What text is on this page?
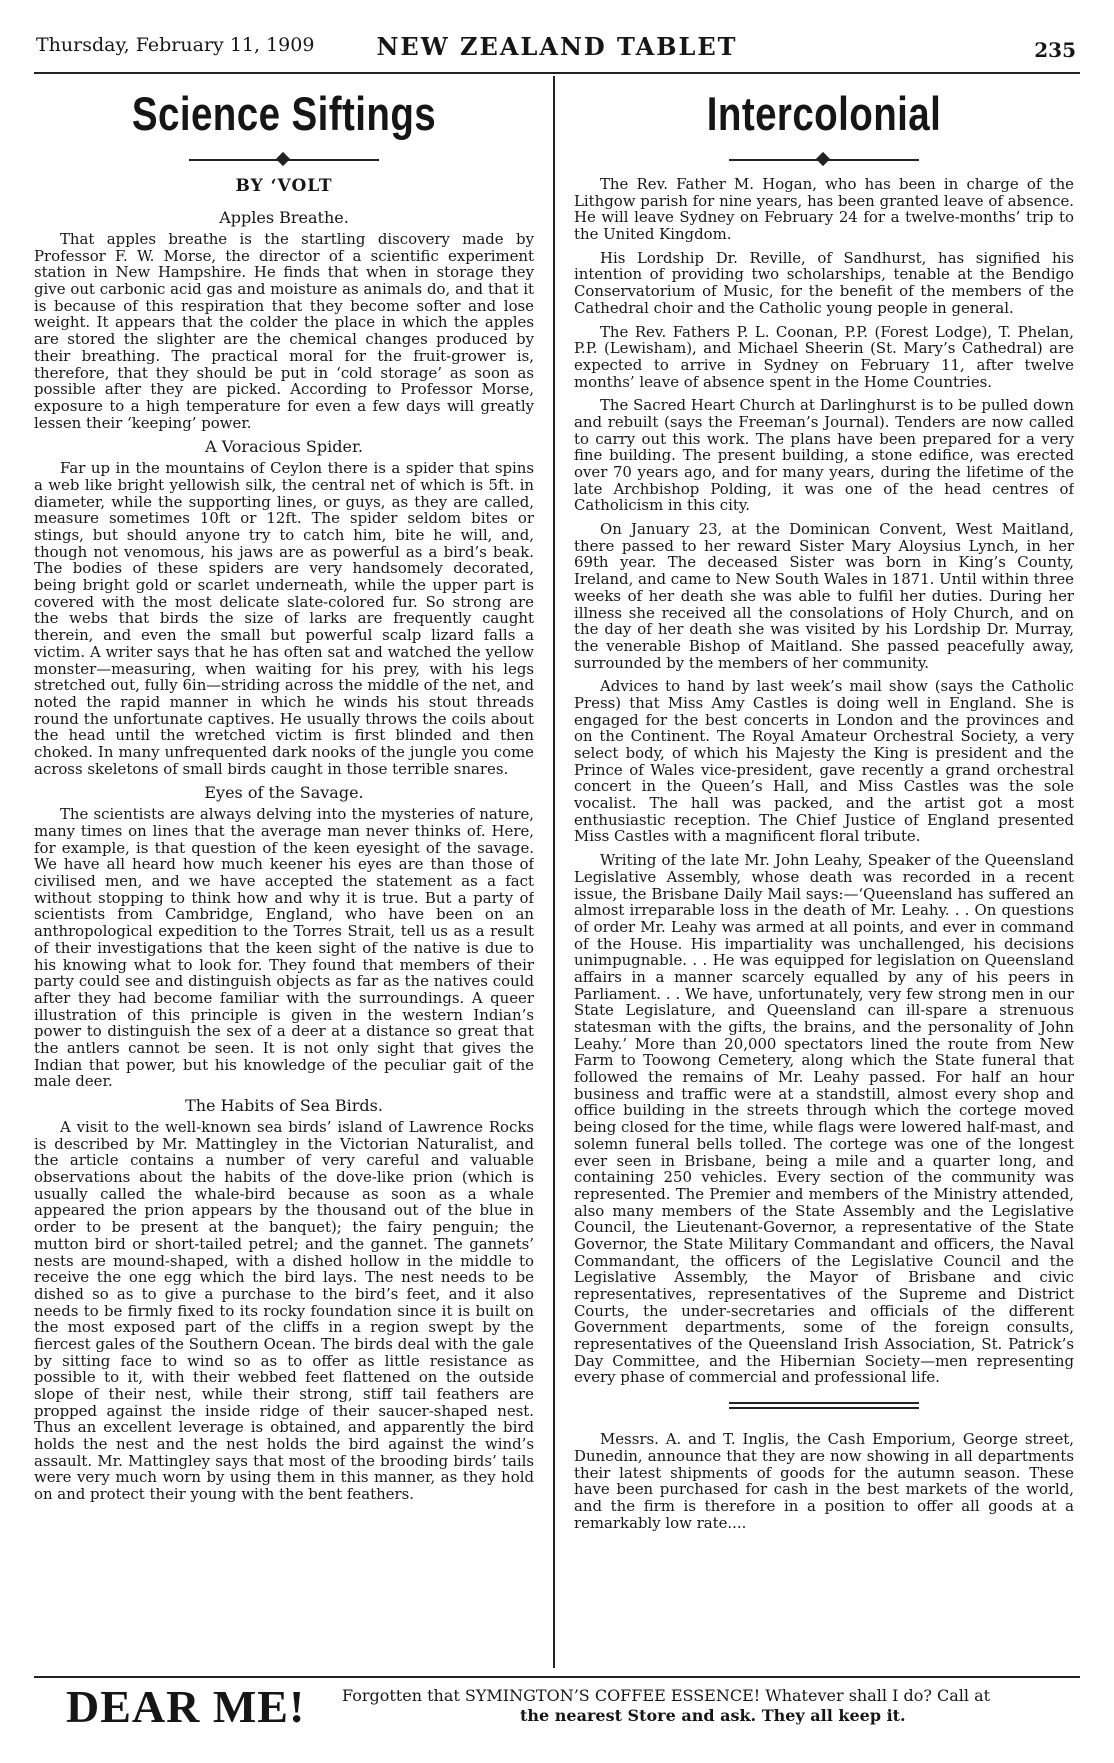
Thursday, February 11, 1909	NEW ZEALAND TABLET	235
Science Siftings
BY ‘VOLT
Apples Breathe.

That apples breathe is the startling discovery made by Professor F. W. Morse, the director of a scientific experiment station in New Hampshire. He finds that when in storage they give out carbonic acid gas and moisture as animals do, and that it is because of this respiration that they become softer and lose weight. It appears that the colder the place in which the apples are stored the slighter are the chemical changes produced by their breathing. The practical moral for the fruit-grower is, therefore, that they should be put in ‘cold storage’ as soon as possible after they are picked. According to Professor Morse, exposure to a high temperature for even a few days will greatly lessen their ‘keeping’ power.

A Voracious Spider.

Far up in the mountains of Ceylon there is a spider that spins a web like bright yellowish silk, the central net of which is 5ft. in diameter, while the supporting lines, or guys, as they are called, measure sometimes 10ft or 12ft. The spider seldom bites or stings, but should anyone try to catch him, bite he will, and, though not venomous, his jaws are as powerful as a bird’s beak. The bodies of these spiders are very handsomely decorated, being bright gold or scarlet underneath, while the upper part is covered with the most delicate slate-colored fur. So strong are the webs that birds the size of larks are frequently caught therein, and even the small but powerful scalp lizard falls a victim. A writer says that he has often sat and watched the yellow monster—measuring, when waiting for his prey, with his legs stretched out, fully 6in—striding across the middle of the net, and noted the rapid manner in which he winds his stout threads round the unfortunate captives. He usually throws the coils about the head until the wretched victim is first blinded and then choked. In many unfrequented dark nooks of the jungle you come across skeletons of small birds caught in those terrible snares.

Eyes of the Savage.

The scientists are always delving into the mysteries of nature, many times on lines that the average man never thinks of. Here, for example, is that question of the keen eyesight of the savage. We have all heard how much keener his eyes are than those of civilised men, and we have accepted the statement as a fact without stopping to think how and why it is true. But a party of scientists from Cambridge, England, who have been on an anthropological expedition to the Torres Strait, tell us as a result of their investigations that the keen sight of the native is due to his knowing what to look for. They found that members of their party could see and distinguish objects as far as the natives could after they had become familiar with the surroundings. A queer illustration of this principle is given in the western Indian’s power to distinguish the sex of a deer at a distance so great that the antlers cannot be seen. It is not only sight that gives the Indian that power, but his knowledge of the peculiar gait of the male deer.

The Habits of Sea Birds.

A visit to the well-known sea birds’ island of Lawrence Rocks is described by Mr. Mattingley in the Victorian Naturalist, and the article contains a number of very careful and valuable observations about the habits of the dove-like prion (which is usually called the whale-bird because as soon as a whale appeared the prion appears by the thousand out of the blue in order to be present at the banquet); the fairy penguin; the mutton bird or short-tailed petrel; and the gannet. The gannets’ nests are mound-shaped, with a dished hollow in the middle to receive the one egg which the bird lays. The nest needs to be dished so as to give a purchase to the bird’s feet, and it also needs to be firmly fixed to its rocky foundation since it is built on the most exposed part of the cliffs in a region swept by the fiercest gales of the Southern Ocean. The birds deal with the gale by sitting face to wind so as to offer as little resistance as possible to it, with their webbed feet flattened on the outside slope of their nest, while their strong, stiff tail feathers are propped against the inside ridge of their saucer-shaped nest. Thus an excellent leverage is obtained, and apparently the bird holds the nest and the nest holds the bird against the wind’s assault. Mr. Mattingley says that most of the brooding birds’ tails were very much worn by using them in this manner, as they hold on and protect their young with the bent feathers.

Intercolonial

The Rev. Father M. Hogan, who has been in charge of the Lithgow parish for nine years, has been granted leave of absence. He will leave Sydney on February 24 for a twelve-months’ trip to the United Kingdom.

His Lordship Dr. Reville, of Sandhurst, has signified his intention of providing two scholarships, tenable at the Bendigo Conservatorium of Music, for the benefit of the members of the Cathedral choir and the Catholic young people in general.

The Rev. Fathers P. L. Coonan, P.P. (Forest Lodge), T. Phelan, P.P. (Lewisham), and Michael Sheerin (St. Mary’s Cathedral) are expected to arrive in Sydney on February 11, after twelve months’ leave of absence spent in the Home Countries.

The Sacred Heart Church at Darlinghurst is to be pulled down and rebuilt (says the Freeman’s Journal). Tenders are now called to carry out this work. The plans have been prepared for a very fine building. The present building, a stone edifice, was erected over 70 years ago, and for many years, during the lifetime of the late Archbishop Polding, it was one of the head centres of Catholicism in this city.

On January 23, at the Dominican Convent, West Maitland, there passed to her reward Sister Mary Aloysius Lynch, in her 69th year. The deceased Sister was born in King’s County, Ireland, and came to New South Wales in 1871. Until within three weeks of her death she was able to fulfil her duties. During her illness she received all the consolations of Holy Church, and on the day of her death she was visited by his Lordship Dr. Murray, the venerable Bishop of Maitland. She passed peacefully away, surrounded by the members of her community.

Advices to hand by last week’s mail show (says the Catholic Press) that Miss Amy Castles is doing well in England. She is engaged for the best concerts in London and the provinces and on the Continent. The Royal Amateur Orchestral Society, a very select body, of which his Majesty the King is president and the Prince of Wales vice-president, gave recently a grand orchestral concert in the Queen’s Hall, and Miss Castles was the sole vocalist. The hall was packed, and the artist got a most enthusiastic reception. The Chief Justice of England presented Miss Castles with a magnificent floral tribute.

Writing of the late Mr. John Leahy, Speaker of the Queensland Legislative Assembly, whose death was recorded in a recent issue, the Brisbane Daily Mail says:—‘Queensland has suffered an almost irreparable loss in the death of Mr. Leahy. . . On questions of order Mr. Leahy was armed at all points, and ever in command of the House. His impartiality was unchallenged, his decisions unimpugnable. . . He was equipped for legislation on Queensland affairs in a manner scarcely equalled by any of his peers in Parliament. . . We have, unfortunately, very few strong men in our State Legislature, and Queensland can ill-spare a strenuous statesman with the gifts, the brains, and the personality of John Leahy.’ More than 20,000 spectators lined the route from New Farm to Toowong Cemetery, along which the State funeral that followed the remains of Mr. Leahy passed. For half an hour business and traffic were at a standstill, almost every shop and office building in the streets through which the cortege moved being closed for the time, while flags were lowered half-mast, and solemn funeral bells tolled. The cortege was one of the longest ever seen in Brisbane, being a mile and a quarter long, and containing 250 vehicles. Every section of the community was represented. The Premier and members of the Ministry attended, also many members of the State Assembly and the Legislative Council, the Lieutenant-Governor, a representative of the State Governor, the State Military Commandant and officers, the Naval Commandant, the officers of the Legislative Council and the Legislative Assembly, the Mayor of Brisbane and civic representatives, representatives of the Supreme and District Courts, the under-secretaries and officials of the different Government departments, some of the foreign consults, representatives of the Queensland Irish Association, St. Patrick’s Day Committee, and the Hibernian Society—men representing every phase of commercial and professional life.

Messrs. A. and T. Inglis, the Cash Emporium, George street, Dunedin, announce that they are now showing in all departments their latest shipments of goods for the autumn season. These have been purchased for cash in the best markets of the world, and the firm is therefore in a position to offer all goods at a remarkably low rate....

DEAR ME! Forgotten that SYMINGTON’S COFFEE ESSENCE! Whatever shall I do? Call at
the nearest Store and ask. They all keep it.
